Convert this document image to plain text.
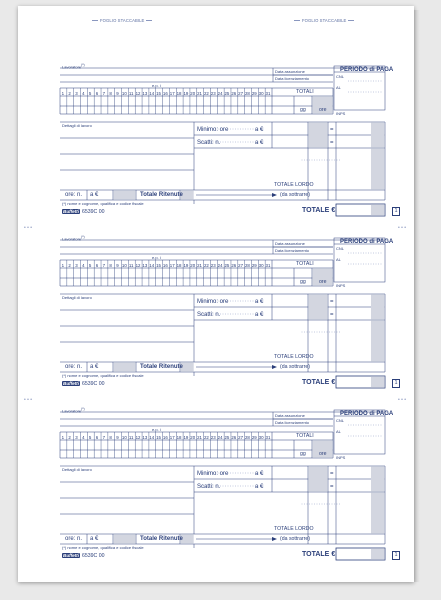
FOGLIO STACCABILE	FOGLIO STACCABILE
• • •	• • •
• • •	• • •
Lavoratore(*)
Data assunzione
Data licenziamento
PERIODO di PAGA
CNL
AL
INPS
e.p. i
1 2 3 4 5 6 7 8 9 10 11 12 13 14 15 16 17 18 19 20 21 22 23 24 25 26 27 28 29 30 31	TOTALI
gg	ore
Dettagli di lavoro
Minimo: ore	a €
Scatti: n.	a €
=
=
ore: n. a €	Totale Ritenute
TOTALE LORDO
(da sottrarre)
TOTALE €
(*) nome e cognome, qualifica e codice fiscale
Buffetti 6539C 00	1
Lavoratore(*)
Data assunzione
Data licenziamento
PERIODO di PAGA
CNL
AL
INPS
e.p. i
1 2 3 4 5 6 7 8 9 10 11 12 13 14 15 16 17 18 19 20 21 22 23 24 25 26 27 28 29 30 31	TOTALI
gg	ore
Dettagli di lavoro
Minimo: ore	a €
Scatti: n.	a €
=
=
ore: n. a €	Totale Ritenute
TOTALE LORDO
(da sottrarre)
TOTALE €
(*) nome e cognome, qualifica e codice fiscale
Buffetti 6539C 00	1
Lavoratore(*)
Data assunzione
Data licenziamento
PERIODO di PAGA
CNL
AL
INPS
e.p. i
1 2 3 4 5 6 7 8 9 10 11 12 13 14 15 16 17 18 19 20 21 22 23 24 25 26 27 28 29 30 31	TOTALI
gg	ore
Dettagli di lavoro
Minimo: ore	a €
Scatti: n.	a €
=
=
ore: n. a €	Totale Ritenute
TOTALE LORDO
(da sottrarre)
TOTALE €
(*) nome e cognome, qualifica e codice fiscale
Buffetti 6539C 00	1
